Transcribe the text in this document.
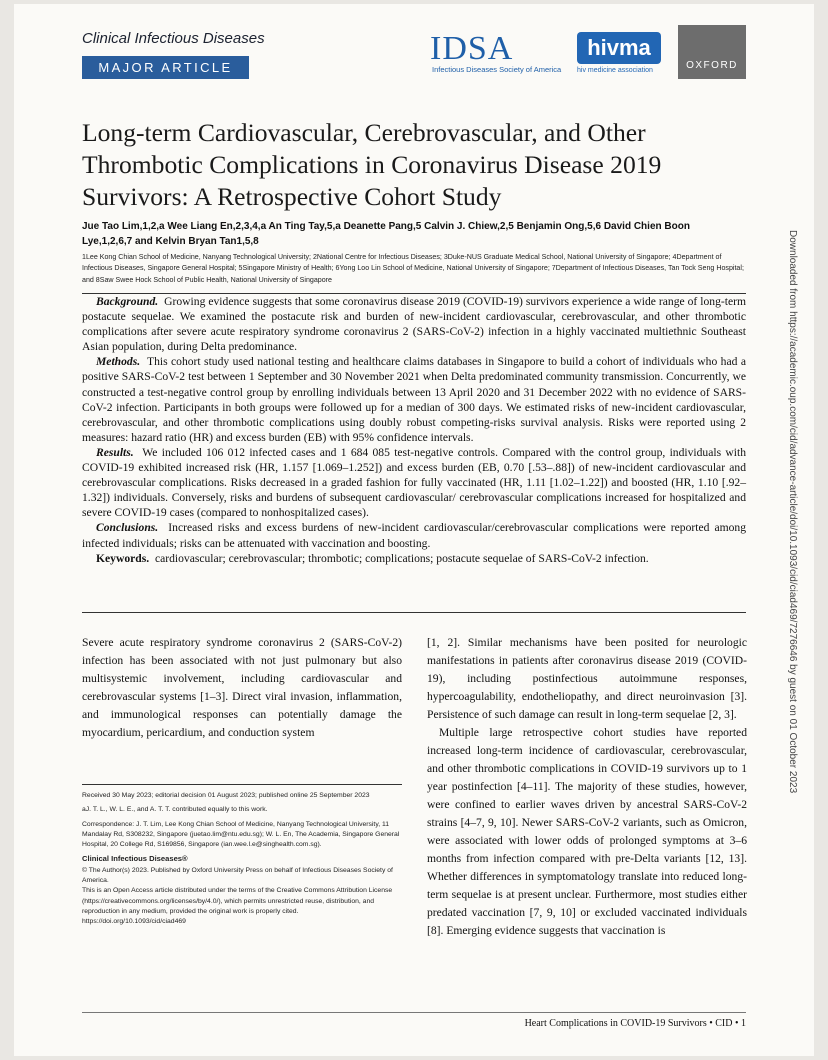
Clinical Infectious Diseases
MAJOR ARTICLE
IDSA
Infectious Diseases Society of America
hivma
hiv medicine association	OXFORD
Long-term Cardiovascular, Cerebrovascular, and Other Thrombotic Complications in Coronavirus Disease 2019 Survivors: A Retrospective Cohort Study
Jue Tao Lim,1,2,a Wee Liang En,2,3,4,a An Ting Tay,5,a Deanette Pang,5 Calvin J. Chiew,2,5 Benjamin Ong,5,6 David Chien Boon Lye,1,2,6,7 and Kelvin Bryan Tan1,5,8
1Lee Kong Chian School of Medicine, Nanyang Technological University; 2National Centre for Infectious Diseases; 3Duke-NUS Graduate Medical School, National University of Singapore; 4Department of Infectious Diseases, Singapore General Hospital; 5Singapore Ministry of Health; 6Yong Loo Lin School of Medicine, National University of Singapore; 7Department of Infectious Diseases, Tan Tock Seng Hospital; and 8Saw Swee Hock School of Public Health, National University of Singapore

Background. Growing evidence suggests that some coronavirus disease 2019 (COVID-19) survivors experience a wide range of long-term postacute sequelae. We examined the postacute risk and burden of new-incident cardiovascular, cerebrovascular, and other thrombotic complications after severe acute respiratory syndrome coronavirus 2 (SARS-CoV-2) infection in a highly vaccinated multiethnic Southeast Asian population, during Delta predominance.

Methods. This cohort study used national testing and healthcare claims databases in Singapore to build a cohort of individuals who had a positive SARS-CoV-2 test between 1 September and 30 November 2021 when Delta predominated community transmission. Concurrently, we constructed a test-negative control group by enrolling individuals between 13 April 2020 and 31 December 2022 with no evidence of SARS-CoV-2 infection. Participants in both groups were followed up for a median of 300 days. We estimated risks of new-incident cardiovascular, cerebrovascular, and other thrombotic complications using doubly robust competing-risks survival analysis. Risks were reported using 2 measures: hazard ratio (HR) and excess burden (EB) with 95% confidence intervals.

Results. We included 106 012 infected cases and 1 684 085 test-negative controls. Compared with the control group, individuals with COVID-19 exhibited increased risk (HR, 1.157 [1.069–1.252]) and excess burden (EB, 0.70 [.53–.88]) of new-incident cardiovascular and cerebrovascular complications. Risks decreased in a graded fashion for fully vaccinated (HR, 1.11 [1.02–1.22]) and boosted (HR, 1.10 [.92–1.32]) individuals. Conversely, risks and burdens of subsequent cardiovascular/ cerebrovascular complications increased for hospitalized and severe COVID-19 cases (compared to nonhospitalized cases).

Conclusions. Increased risks and excess burdens of new-incident cardiovascular/cerebrovascular complications were reported among infected individuals; risks can be attenuated with vaccination and boosting.

Keywords. cardiovascular; cerebrovascular; thrombotic; complications; postacute sequelae of SARS-CoV-2 infection.

Severe acute respiratory syndrome coronavirus 2 (SARS-CoV-2) infection has been associated with not just pulmonary but also multisystemic involvement, including cardiovascular and cerebrovascular systems [1–3]. Direct viral invasion, inflammation, and immunological responses can potentially damage the myocardium, pericardium, and conduction system

Received 30 May 2023; editorial decision 01 August 2023; published online 25 September 2023

aJ. T. L., W. L. E., and A. T. T. contributed equally to this work.

Correspondence: J. T. Lim, Lee Kong Chian School of Medicine, Nanyang Technological University, 11 Mandalay Rd, S308232, Singapore (juetao.lim@ntu.edu.sg); W. L. En, The Academia, Singapore General Hospital, 20 College Rd, S169856, Singapore (ian.wee.l.e@singhealth.com.sg).

Clinical Infectious Diseases®

© The Author(s) 2023. Published by Oxford University Press on behalf of Infectious Diseases Society of America.

This is an Open Access article distributed under the terms of the Creative Commons Attribution License (https://creativecommons.org/licenses/by/4.0/), which permits unrestricted reuse, distribution, and reproduction in any medium, provided the original work is properly cited.

https://doi.org/10.1093/cid/ciad469

[1, 2]. Similar mechanisms have been posited for neurologic manifestations in patients after coronavirus disease 2019 (COVID-19), including postinfectious autoimmune responses, hypercoagulability, endotheliopathy, and direct neuroinvasion [3]. Persistence of such damage can result in long-term sequelae [2, 3].

Multiple large retrospective cohort studies have reported increased long-term incidence of cardiovascular, cerebrovascular, and other thrombotic complications in COVID-19 survivors up to 1 year postinfection [4–11]. The majority of these studies, however, were confined to earlier waves driven by ancestral SARS-CoV-2 strains [4–7, 9, 10]. Newer SARS-CoV-2 variants, such as Omicron, were associated with lower odds of prolonged symptoms at 3–6 months from infection compared with pre-Delta variants [12, 13]. Whether differences in symptomatology translate into reduced long-term sequelae is at present unclear. Furthermore, most studies either predated vaccination [7, 9, 10] or excluded vaccinated individuals [8]. Emerging evidence suggests that vaccination is

Heart Complications in COVID-19 Survivors • CID • 1
Downloaded from https://academic.oup.com/cid/advance-article/doi/10.1093/cid/ciad469/7276646 by guest on 01 October 2023
